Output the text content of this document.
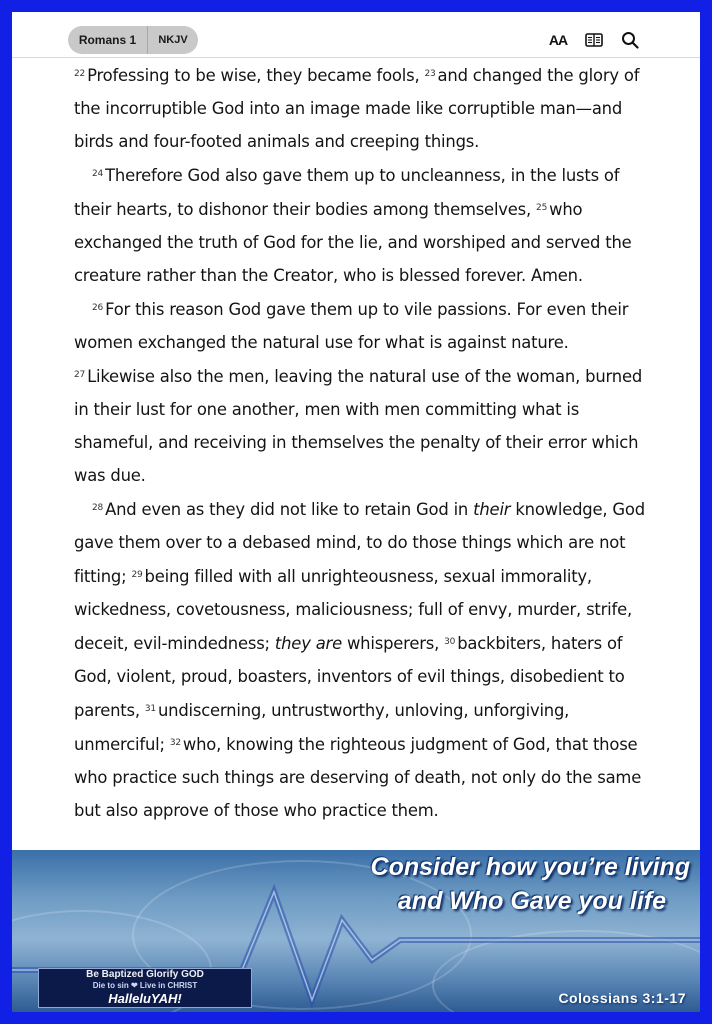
Romans 1	NKJV	AA

$^{22}$ Professing to be wise, they became fools, $^{23}$ and changed the glory of the incorruptible God into an image made like corruptible man—and birds and four-footed animals and creeping things.

$^{24}$ Therefore God also gave them up to uncleanness, in the lusts of their hearts, to dishonor their bodies among themselves, $^{25}$ who exchanged the truth of God for the lie, and worshiped and served the creature rather than the Creator, who is blessed forever. Amen.

$^{26}$ For this reason God gave them up to vile passions. For even their women exchanged the natural use for what is against nature. $^{27}$ Likewise also the men, leaving the natural use of the woman, burned in their lust for one another, men with men committing what is shameful, and receiving in themselves the penalty of their error which was due.

$^{28}$ And even as they did not like to retain God in their knowledge, God gave them over to a debased mind, to do those things which are not fitting; $^{29}$ being filled with all unrighteousness, sexual immorality, wickedness, covetousness, maliciousness; full of envy, murder, strife, deceit, evil-mindedness; they are whisperers, $^{30}$ backbiters, haters of God, violent, proud, boasters, inventors of evil things, disobedient to parents, $^{31}$ undiscerning, untrustworthy, unloving, unforgiving, unmerciful; $^{32}$ who, knowing the righteous judgment of God, that those who practice such things are deserving of death, not only do the same but also approve of those who practice them.

Consider how you’re living
and Who Gave you life
Be Baptized Glorify GOD
Die to sin ❤ Live in CHRIST
HalleluYAH!	Colossians 3:1-17
